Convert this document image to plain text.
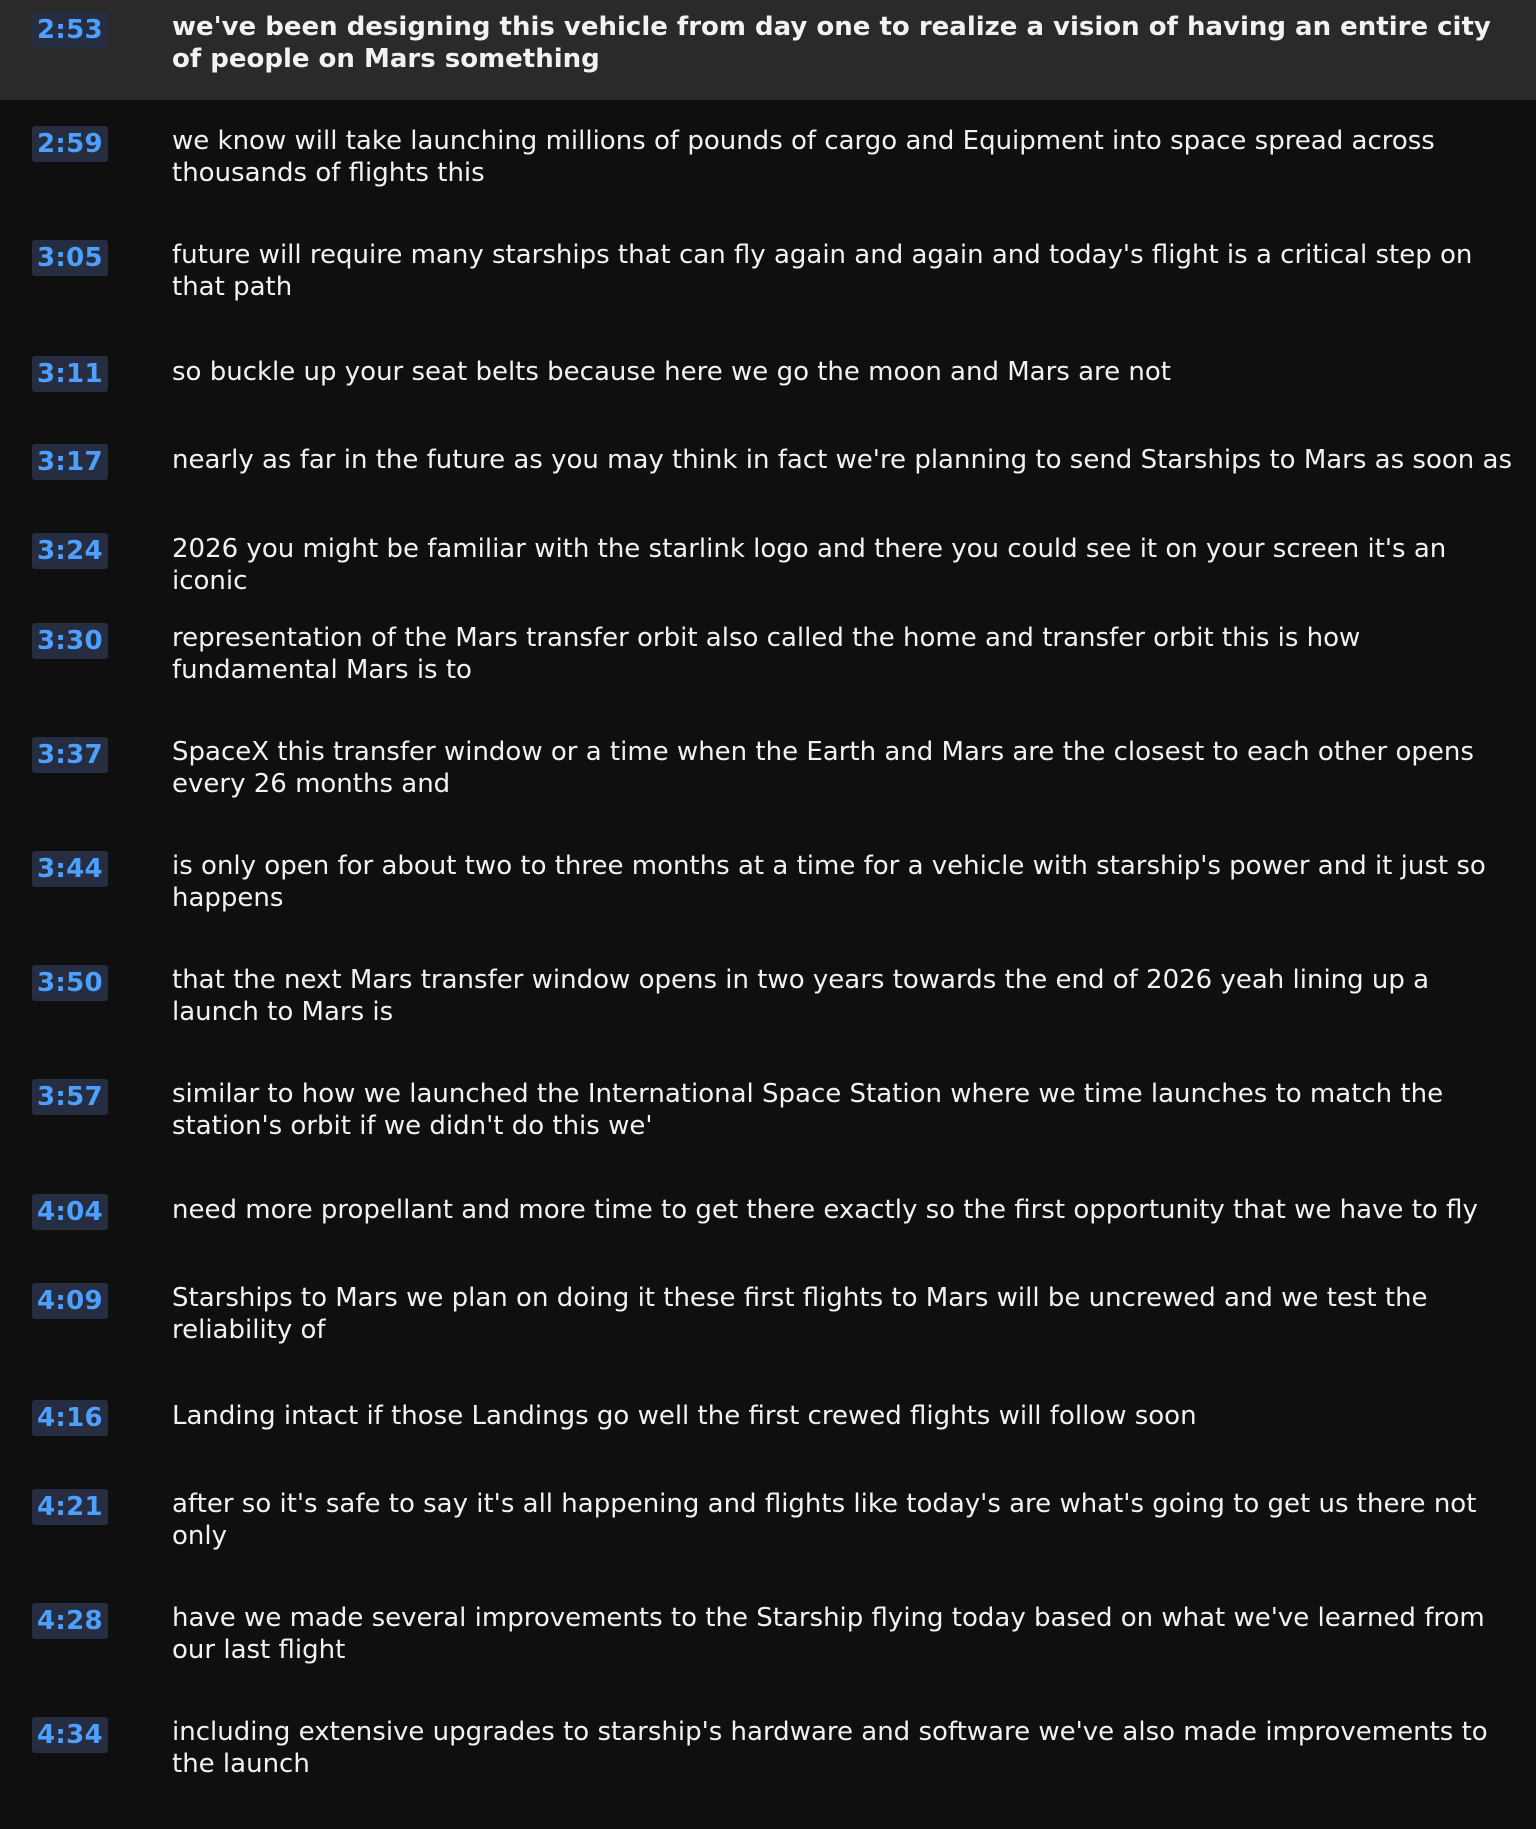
2:53	we've been designing this vehicle from day one to realize a vision of having an entire city of people on Mars something
2:59	we know will take launching millions of pounds of cargo and Equipment into space spread across thousands of flights this
3:05	future will require many starships that can fly again and again and today's flight is a critical step on that path
3:11	so buckle up your seat belts because here we go the moon and Mars are not
3:17	nearly as far in the future as you may think in fact we're planning to send Starships to Mars as soon as
3:24	2026 you might be familiar with the starlink logo and there you could see it on your screen it's an iconic
3:30	representation of the Mars transfer orbit also called the home and transfer orbit this is how fundamental Mars is to
3:37	SpaceX this transfer window or a time when the Earth and Mars are the closest to each other opens every 26 months and
3:44	is only open for about two to three months at a time for a vehicle with starship's power and it just so happens
3:50	that the next Mars transfer window opens in two years towards the end of 2026 yeah lining up a launch to Mars is
3:57	similar to how we launched the International Space Station where we time launches to match the station's orbit if we didn't do this we'
4:04	need more propellant and more time to get there exactly so the first opportunity that we have to fly
4:09	Starships to Mars we plan on doing it these first flights to Mars will be uncrewed and we test the reliability of
4:16	Landing intact if those Landings go well the first crewed flights will follow soon
4:21	after so it's safe to say it's all happening and flights like today's are what's going to get us there not only
4:28	have we made several improvements to the Starship flying today based on what we've learned from our last flight
4:34	including extensive upgrades to starship's hardware and software we've also made improvements to the launch
